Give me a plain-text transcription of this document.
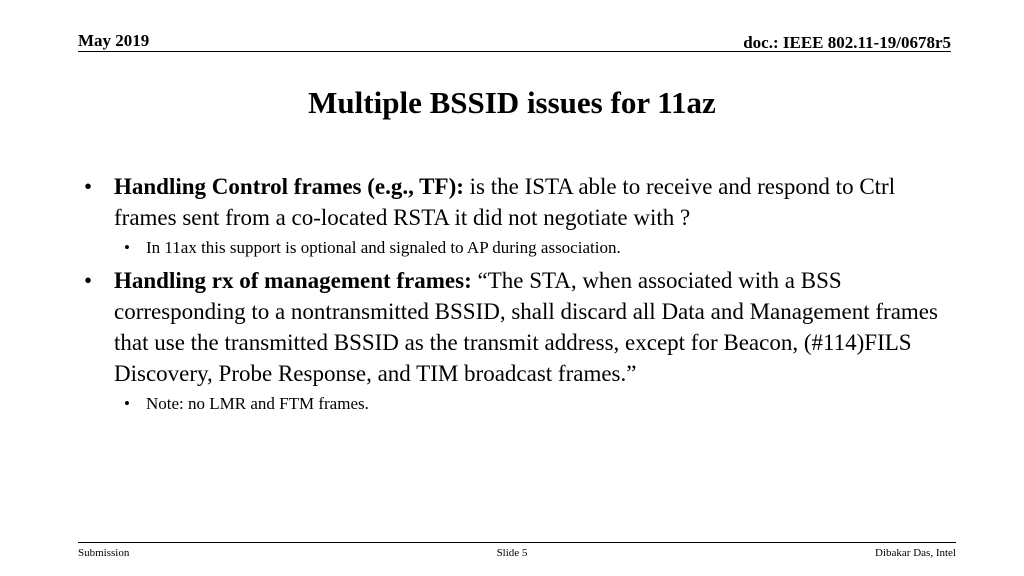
May 2019	doc.: IEEE 802.11-19/0678r5
Multiple BSSID issues for 11az

• Handling Control frames (e.g., TF): is the ISTA able to receive and respond to Ctrl frames sent from a co-located RSTA it did not negotiate with ?

• In 11ax this support is optional and signaled to AP during association.

• Handling rx of management frames: “The STA, when associated with a BSS corresponding to a nontransmitted BSSID, shall discard all Data and Management frames that use the transmitted BSSID as the transmit address, except for Beacon, (#114)FILS Discovery, Probe Response, and TIM broadcast frames.”

• Note: no LMR and FTM frames.

Submission	Slide 5	Dibakar Das, Intel
